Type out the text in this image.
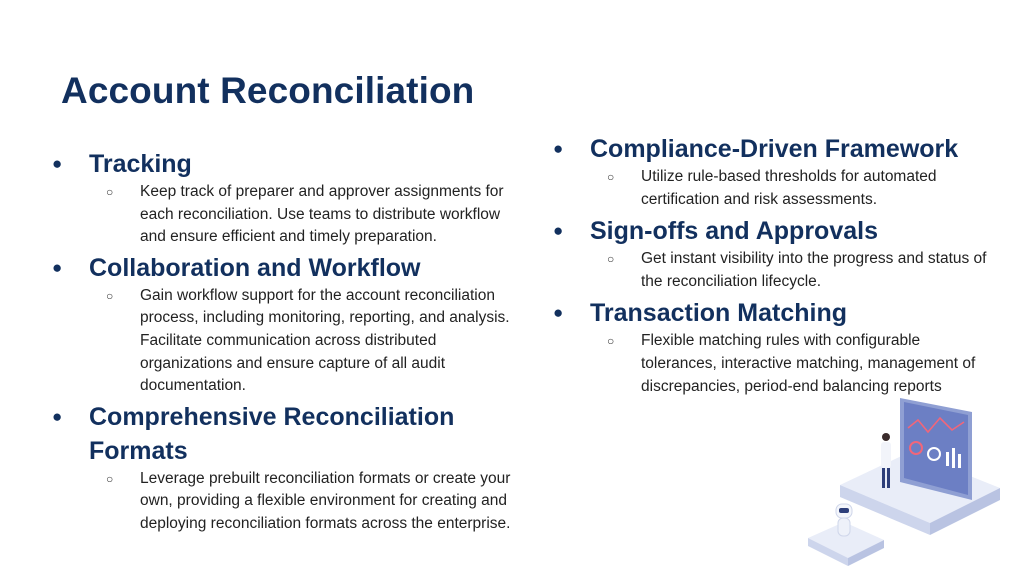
Account Reconciliation
● Tracking
○ Keep track of preparer and approver assignments for each reconciliation. Use teams to distribute workflow and ensure efficient and timely preparation.
● Collaboration and Workflow
○ Gain workflow support for the account reconciliation process, including monitoring, reporting, and analysis. Facilitate communication across distributed organizations and ensure capture of all audit documentation.
● Comprehensive Reconciliation Formats
○ Leverage prebuilt reconciliation formats or create your own, providing a flexible environment for creating and deploying reconciliation formats across the enterprise.
● Compliance-Driven Framework
○ Utilize rule-based thresholds for automated certification and risk assessments.
● Sign-offs and Approvals
○ Get instant visibility into the progress and status of the reconciliation lifecycle.
● Transaction Matching
○ Flexible matching rules with configurable tolerances, interactive matching, management of discrepancies, period-end balancing reports
